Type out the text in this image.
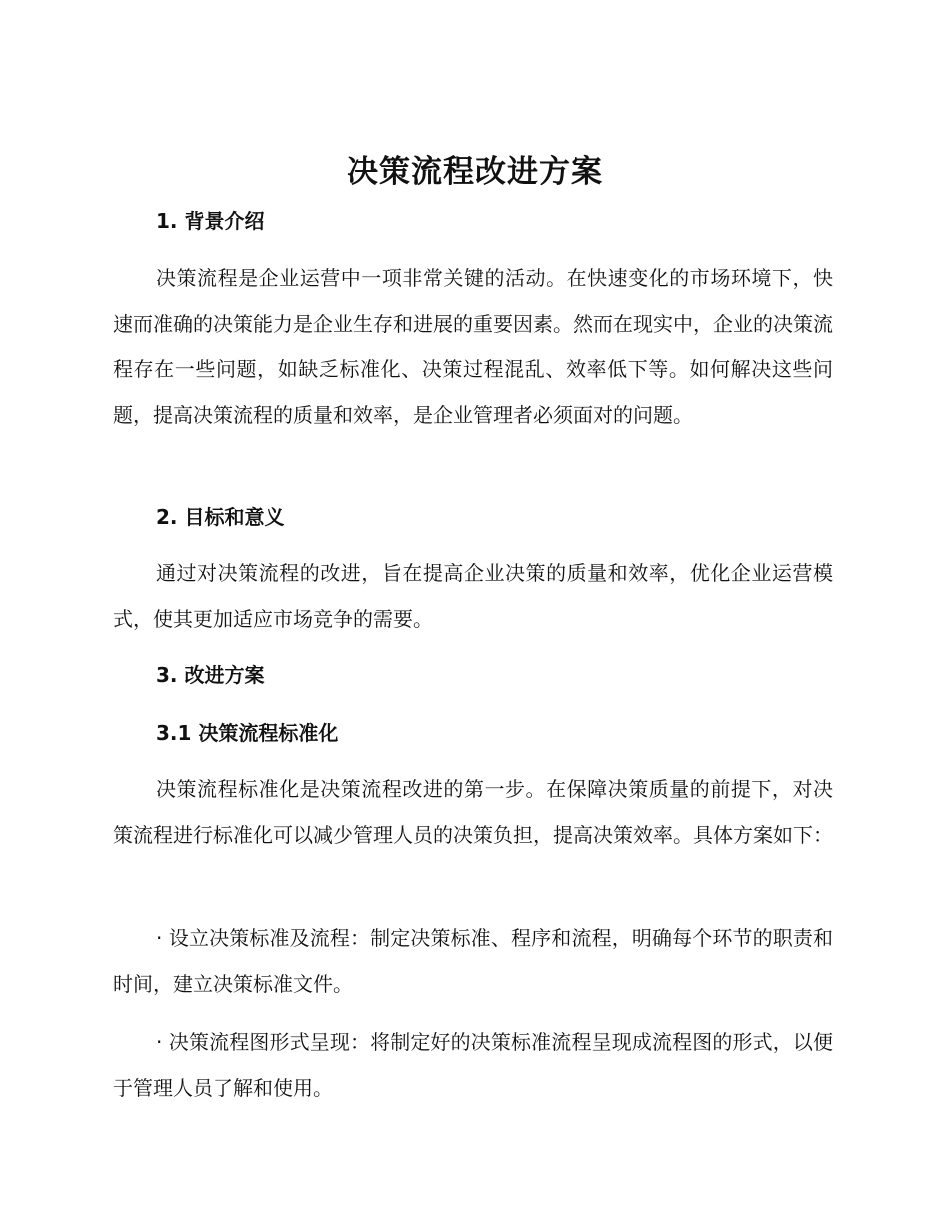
决策流程改进方案
1. 背景介绍

决策流程是企业运营中一项非常关键的活动。在快速变化的市场环境下，快速而准确的决策能力是企业生存和进展的重要因素。然而在现实中，企业的决策流程存在一些问题，如缺乏标准化、决策过程混乱、效率低下等。如何解决这些问题，提高决策流程的质量和效率，是企业管理者必须面对的问题。

2. 目标和意义

通过对决策流程的改进，旨在提高企业决策的质量和效率，优化企业运营模式，使其更加适应市场竞争的需要。

3. 改进方案
3.1 决策流程标准化

决策流程标准化是决策流程改进的第一步。在保障决策质量的前提下，对决策流程进行标准化可以减少管理人员的决策负担，提高决策效率。具体方案如下：

· 设立决策标准及流程：制定决策标准、程序和流程，明确每个环节的职责和时间，建立决策标准文件。

· 决策流程图形式呈现：将制定好的决策标准流程呈现成流程图的形式，以便于管理人员了解和使用。
